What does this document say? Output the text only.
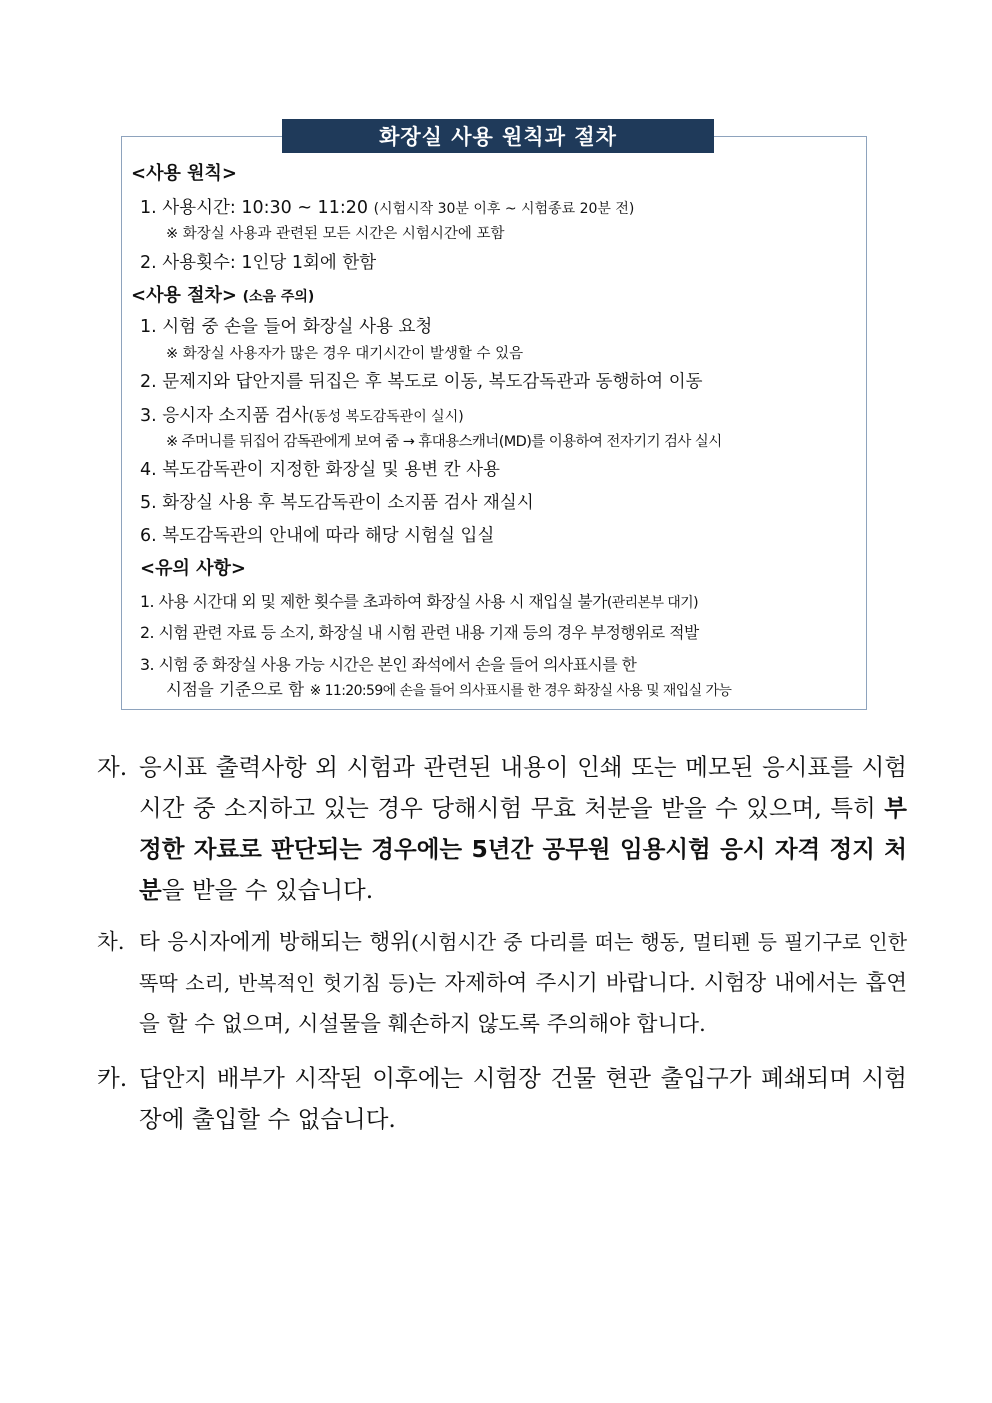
화장실 사용 원칙과 절차
<사용 원칙>
1. 사용시간: 10:30 ~ 11:20 (시험시작 30분 이후 ~ 시험종료 20분 전)
※ 화장실 사용과 관련된 모든 시간은 시험시간에 포함
2. 사용횟수: 1인당 1회에 한함
<사용 절차> (소음 주의)
1. 시험 중 손을 들어 화장실 사용 요청
※ 화장실 사용자가 많은 경우 대기시간이 발생할 수 있음
2. 문제지와 답안지를 뒤집은 후 복도로 이동, 복도감독관과 동행하여 이동
3. 응시자 소지품 검사(동성 복도감독관이 실시)
※ 주머니를 뒤집어 감독관에게 보여 줌 → 휴대용스캐너(MD)를 이용하여 전자기기 검사 실시
4. 복도감독관이 지정한 화장실 및 용변 칸 사용
5. 화장실 사용 후 복도감독관이 소지품 검사 재실시
6. 복도감독관의 안내에 따라 해당 시험실 입실
<유의 사항>
1. 사용 시간대 외 및 제한 횟수를 초과하여 화장실 사용 시 재입실 불가(관리본부 대기)
2. 시험 관련 자료 등 소지, 화장실 내 시험 관련 내용 기재 등의 경우 부정행위로 적발
3. 시험 중 화장실 사용 가능 시간은 본인 좌석에서 손을 들어 의사표시를 한
시점을 기준으로 함 ※ 11:20:59에 손을 들어 의사표시를 한 경우 화장실 사용 및 재입실 가능
자. 응시표 출력사항 외 시험과 관련된 내용이 인쇄 또는 메모된 응시표를 시험시간 중 소지하고 있는 경우 당해시험 무효 처분을 받을 수 있으며, 특히 부정한 자료로 판단되는 경우에는 5년간 공무원 임용시험 응시 자격 정지 처분을 받을 수 있습니다.
차. 타 응시자에게 방해되는 행위(시험시간 중 다리를 떠는 행동, 멀티펜 등 필기구로 인한 똑딱 소리, 반복적인 헛기침 등)는 자제하여 주시기 바랍니다. 시험장 내에서는 흡연을 할 수 없으며, 시설물을 훼손하지 않도록 주의해야 합니다.
카. 답안지 배부가 시작된 이후에는 시험장 건물 현관 출입구가 폐쇄되며 시험장에 출입할 수 없습니다.
